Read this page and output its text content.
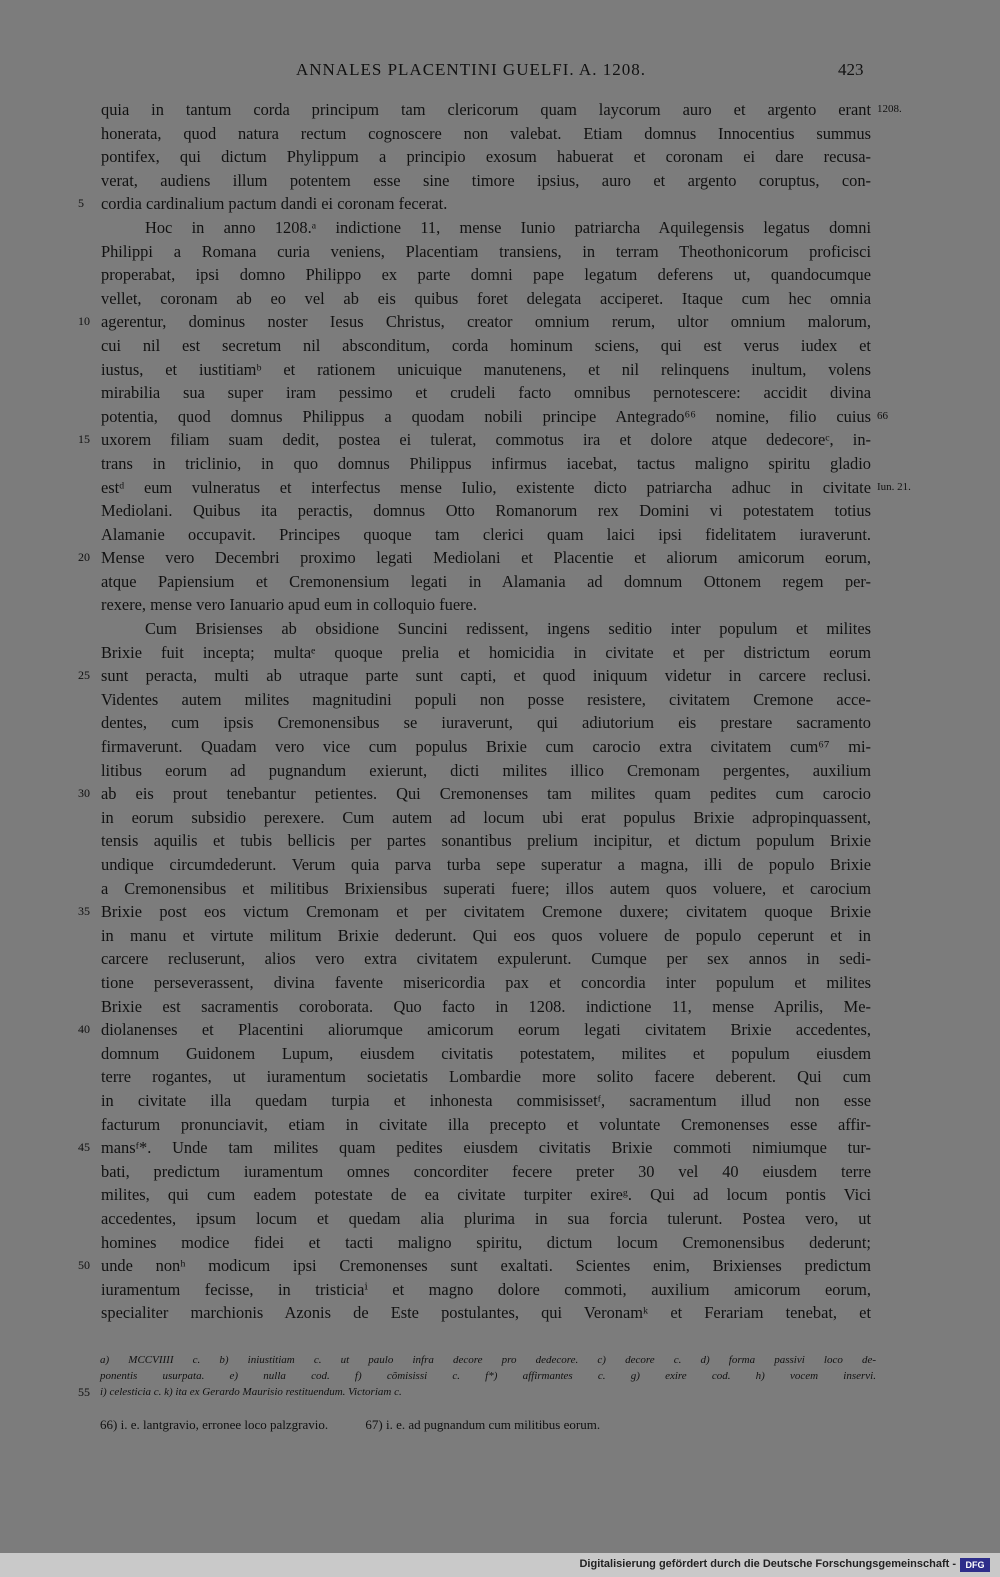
ANNALES PLACENTINI GUELFI. A. 1208.	423
quia in tantum corda principum tam clericorum quam laycorum auro et argento erant 1208.
honerata, quod natura rectum cognoscere non valebat. Etiam domnus Innocentius summus
pontifex, qui dictum Phylippum a principio exosum habuerat et coronam ei dare recusa-
verat, audiens illum potentem esse sine timore ipsius, auro et argento coruptus, con-
cordia cardinalium pactum dandi ei coronam fecerat.
5
Hoc in anno 1208.ᵃ indictione 11, mense Iunio patriarcha Aquilegensis legatus domni
Philippi a Romana curia veniens, Placentiam transiens, in terram Theothonicorum proficisci
properabat, ipsi domno Philippo ex parte domni pape legatum deferens ut, quandocumque
vellet, coronam ab eo vel ab eis quibus foret delegata acciperet. Itaque cum hec omnia
agerentur, dominus noster Iesus Christus, creator omnium rerum, ultor omnium malorum,
10
cui nil est secretum nil absconditum, corda hominum sciens, qui est verus iudex et
iustus, et iustitiamᵇ et rationem unicuique manutenens, et nil relinquens inultum, volens
mirabilia sua super iram pessimo et crudeli facto omnibus pernotescere: accidit divina
potentia, quod domnus Philippus a quodam nobili principe Antegrado⁶⁶ nomine, filio cuius 66
uxorem filiam suam dedit, postea ei tulerat, commotus ira et dolore atque dedecoreᶜ, in-
15
trans in triclinio, in quo domnus Philippus infirmus iacebat, tactus maligno spiritu gladio
estᵈ eum vulneratus et interfectus mense Iulio, existente dicto patriarcha adhuc in civitate Iun. 21.
Mediolani. Quibus ita peractis, domnus Otto Romanorum rex Domini vi potestatem totius
Alamanie occupavit. Principes quoque tam clerici quam laici ipsi fidelitatem iuraverunt.
Mense vero Decembri proximo legati Mediolani et Placentie et aliorum amicorum eorum,
20
atque Papiensium et Cremonensium legati in Alamania ad domnum Ottonem regem per-
rexere, mense vero Ianuario apud eum in colloquio fuere.
Cum Brisienses ab obsidione Suncini redissent, ingens seditio inter populum et milites
Brixie fuit incepta; multaᵉ quoque prelia et homicidia in civitate et per districtum eorum
sunt peracta, multi ab utraque parte sunt capti, et quod iniquum videtur in carcere reclusi.
25
Videntes autem milites magnitudini populi non posse resistere, civitatem Cremone acce-
dentes, cum ipsis Cremonensibus se iuraverunt, qui adiutorium eis prestare sacramento
firmaverunt. Quadam vero vice cum populus Brixie cum carocio extra civitatem cum⁶⁷ mi-
litibus eorum ad pugnandum exierunt, dicti milites illico Cremonam pergentes, auxilium
ab eis prout tenebantur petientes. Qui Cremonenses tam milites quam pedites cum carocio
30
in eorum subsidio perexere. Cum autem ad locum ubi erat populus Brixie adpropinquassent,
tensis aquilis et tubis bellicis per partes sonantibus prelium incipitur, et dictum populum Brixie
undique circumdederunt. Verum quia parva turba sepe superatur a magna, illi de populo Brixie
a Cremonensibus et militibus Brixiensibus superati fuere; illos autem quos voluere, et carocium
Brixie post eos victum Cremonam et per civitatem Cremone duxere; civitatem quoque Brixie
35
in manu et virtute militum Brixie dederunt. Qui eos quos voluere de populo ceperunt et in
carcere recluserunt, alios vero extra civitatem expulerunt. Cumque per sex annos in sedi-
tione perseverassent, divina favente misericordia pax et concordia inter populum et milites
Brixie est sacramentis coroborata. Quo facto in 1208. indictione 11, mense Aprilis, Me-
diolanenses et Placentini aliorumque amicorum eorum legati civitatem Brixie accedentes,
40
domnum Guidonem Lupum, eiusdem civitatis potestatem, milites et populum eiusdem
terre rogantes, ut iuramentum societatis Lombardie more solito facere deberent. Qui cum
in civitate illa quedam turpia et inhonesta commisissetᶠ, sacramentum illud non esse
facturum pronunciavit, etiam in civitate illa precepto et voluntate Cremonenses esse affir-
mansᶠ*. Unde tam milites quam pedites eiusdem civitatis Brixie commoti nimiumque tur-
45
bati, predictum iuramentum omnes concorditer fecere preter 30 vel 40 eiusdem terre
milites, qui cum eadem potestate de ea civitate turpiter exireᵍ. Qui ad locum pontis Vici
accedentes, ipsum locum et quedam alia plurima in sua forcia tulerunt. Postea vero, ut
homines modice fidei et tacti maligno spiritu, dictum locum Cremonensibus dederunt;
unde nonʰ modicum ipsi Cremonenses sunt exaltati. Scientes enim, Brixienses predictum
50
iuramentum fecisse, in tristiciaⁱ et magno dolore commoti, auxilium amicorum eorum,
specialiter marchionis Azonis de Este postulantes, qui Veronamᵏ et Ferariam tenebat, et
a) MCCVIIII c. b) iniustitiam c. ut paulo infra decore pro dedecore. c) decore c. d) forma passivi loco de-
ponentis usurpata. e) nulla cod. f) cõmisissi c. f*) affirmantes c. g) exire cod. h) vocem inservi.
i) celesticia c. k) ita ex Gerardo Maurisio restituendum. Victoriam c.
55
66) i. e. lantgravio, erronee loco palzgravio.	67) i. e. ad pugnandum cum militibus eorum.
Digitalisierung gefördert durch die Deutsche Forschungsgemeinschaft -	DFG
